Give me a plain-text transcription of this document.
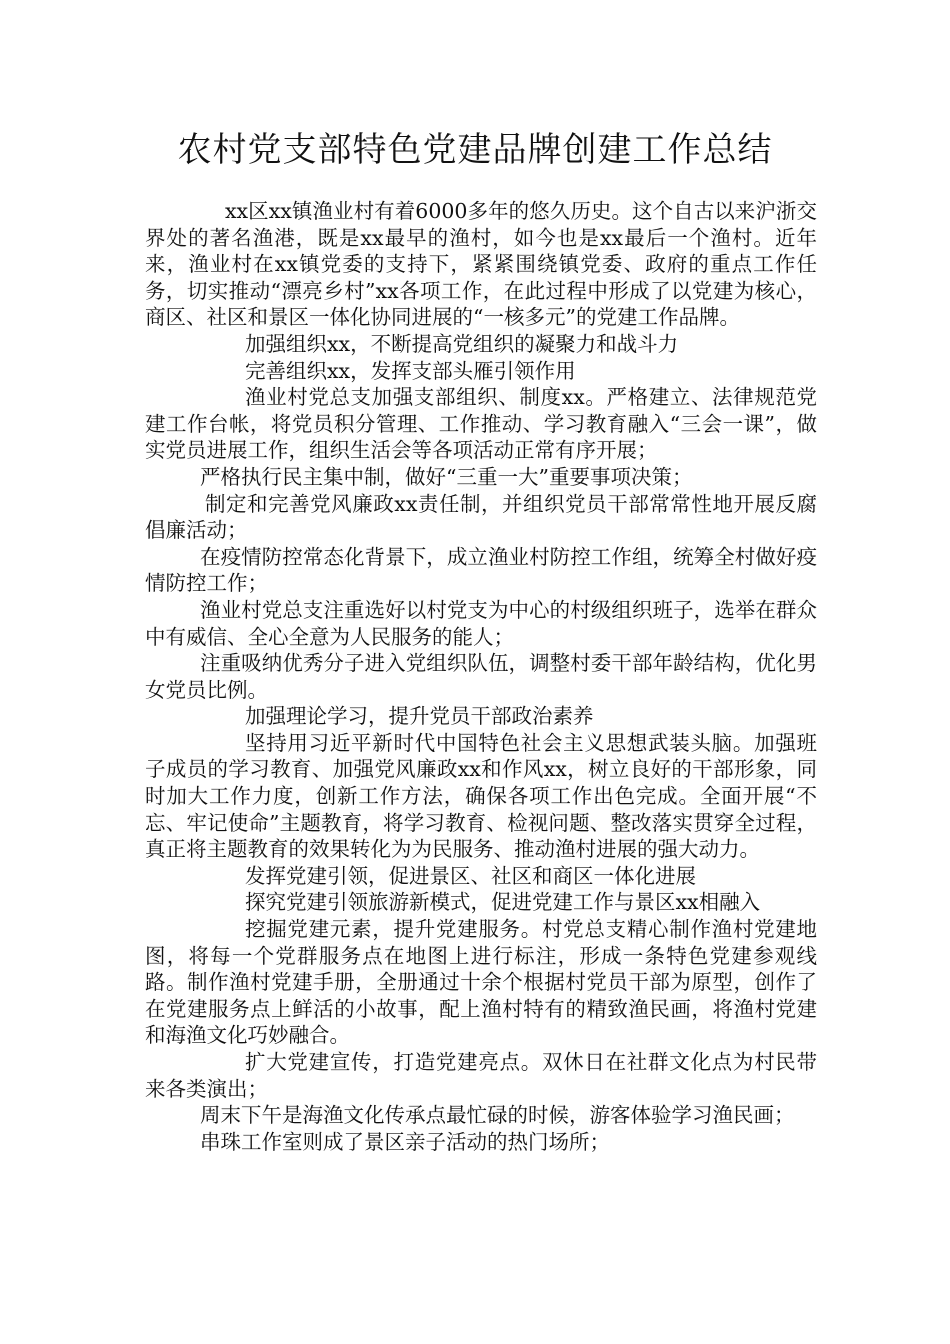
农村党支部特色党建品牌创建工作总结

xx区xx镇渔业村有着6000多年的悠久历史。这个自古以来沪浙交界处的著名渔港，既是xx最早的渔村，如今也是xx最后一个渔村。近年来，渔业村在xx镇党委的支持下，紧紧围绕镇党委、政府的重点工作任务，切实推动“漂亮乡村”xx各项工作，在此过程中形成了以党建为核心，商区、社区和景区一体化协同进展的“一核多元”的党建工作品牌。

加强组织xx，不断提高党组织的凝聚力和战斗力

完善组织xx，发挥支部头雁引领作用

渔业村党总支加强支部组织、制度xx。严格建立、法律规范党建工作台帐，将党员积分管理、工作推动、学习教育融入“三会一课”，做实党员进展工作，组织生活会等各项活动正常有序开展；

严格执行民主集中制，做好“三重一大”重要事项决策；

制定和完善党风廉政xx责任制，并组织党员干部常常性地开展反腐倡廉活动；

在疫情防控常态化背景下，成立渔业村防控工作组，统筹全村做好疫情防控工作；

渔业村党总支注重选好以村党支为中心的村级组织班子，选举在群众中有威信、全心全意为人民服务的能人；

注重吸纳优秀分子进入党组织队伍，调整村委干部年龄结构，优化男女党员比例。

加强理论学习，提升党员干部政治素养

坚持用习近平新时代中国特色社会主义思想武装头脑。加强班子成员的学习教育、加强党风廉政xx和作风xx，树立良好的干部形象，同时加大工作力度，创新工作方法，确保各项工作出色完成。全面开展“不忘、牢记使命”主题教育，将学习教育、检视问题、整改落实贯穿全过程，真正将主题教育的效果转化为为民服务、推动渔村进展的强大动力。

发挥党建引领，促进景区、社区和商区一体化进展

探究党建引领旅游新模式，促进党建工作与景区xx相融入

挖掘党建元素，提升党建服务。村党总支精心制作渔村党建地图，将每一个党群服务点在地图上进行标注，形成一条特色党建参观线路。制作渔村党建手册，全册通过十余个根据村党员干部为原型，创作了在党建服务点上鲜活的小故事，配上渔村特有的精致渔民画，将渔村党建和海渔文化巧妙融合。

扩大党建宣传，打造党建亮点。双休日在社群文化点为村民带来各类演出；

周末下午是海渔文化传承点最忙碌的时候，游客体验学习渔民画；

串珠工作室则成了景区亲子活动的热门场所；
